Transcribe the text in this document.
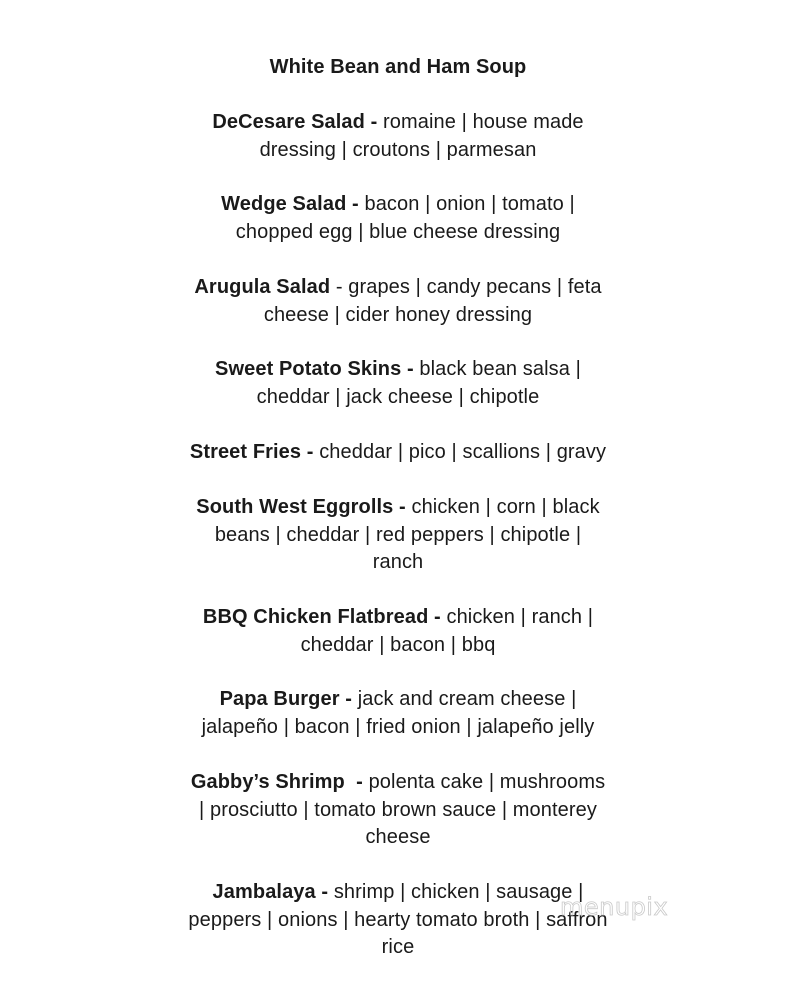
White Bean and Ham Soup
DeCesare Salad - romaine | house made
dressing | croutons | parmesan
Wedge Salad - bacon | onion | tomato |
chopped egg | blue cheese dressing
Arugula Salad - grapes | candy pecans | feta
cheese | cider honey dressing
Sweet Potato Skins - black bean salsa |
cheddar | jack cheese | chipotle
Street Fries - cheddar | pico | scallions | gravy
South West Eggrolls - chicken | corn | black
beans | cheddar | red peppers | chipotle |
ranch
BBQ Chicken Flatbread - chicken | ranch |
cheddar | bacon | bbq
Papa Burger - jack and cream cheese |
jalapeño | bacon | fried onion | jalapeño jelly
Gabby’s Shrimp  - polenta cake | mushrooms
| prosciutto | tomato brown sauce | monterey
cheese
Jambalaya - shrimp | chicken | sausage |
peppers | onions | hearty tomato broth | saffron
rice
menupix
